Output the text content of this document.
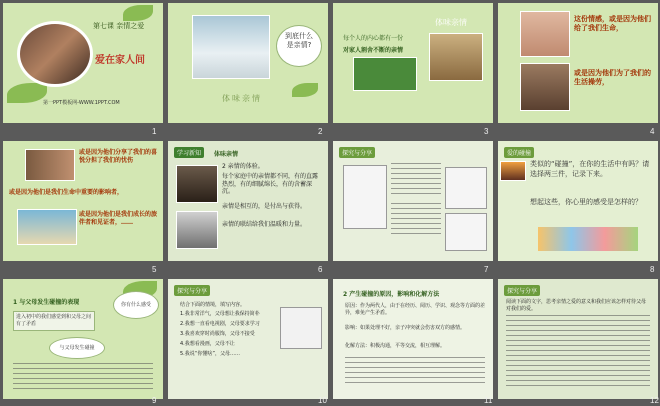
第七课 亲情之爱
爱在家人间
第一PPT模板网-WWW.1PPT.COM
1
到底什么是亲情?
体味亲情
2
体味亲情
每个人的内心都有一份
对家人割舍不断的亲情
3
这份情感，或是因为他们给了我们生命，
或是因为他们为了我们的生活操劳，
4
或是因为他们分享了我们的喜悦分担了我们的忧伤
或是因为他们是我们生命中重要的影响者，
或是因为他们是我们成长的旅伴者和见证者，……
5
学习新知	体味亲情
2 亲情的体验。
每个家庭中的亲情都不同，有的直露热烈，有的细腻绵长，有的含蓄深沉。
亲情是相互的，是付出与获得。
亲情的联结给我们温暖和力量。
6
探究与分享
7
爱的碰撞
类似的“碰撞”，在你的生活中有吗？请选择两三件，记录下来。
想起这些，你心里的感受是怎样的？
8
1 与父母发生碰撞的表现
进入初中的我们感觉到和父母之间有了矛盾
与父母发生碰撞
你有什么感受
9
探究与分享
结合下面的情境，填写内容。
1.我非常洋气，父母想让我保持简朴
2.我想一直看电视剧，父母要求学习
3.我喜欢穿时尚服饰，父母不接受
4.我想看漫画，父母不让
5.我说“你懂啥”，父母……
10
2 产生碰撞的原因，影响和化解方法
原因：作为两代人，由于在经历、阅历、学识、观念等方面的差异，难免产生矛盾。
影响：如果处理不好，亲子冲突就会伤害双方的感情。
化解方法：积极沟通，平等交流，相互理解。
11
探究与分享
阅读下面的文字，思考亲情之爱的意义和我们应该怎样对待父母对我们的爱。
12
